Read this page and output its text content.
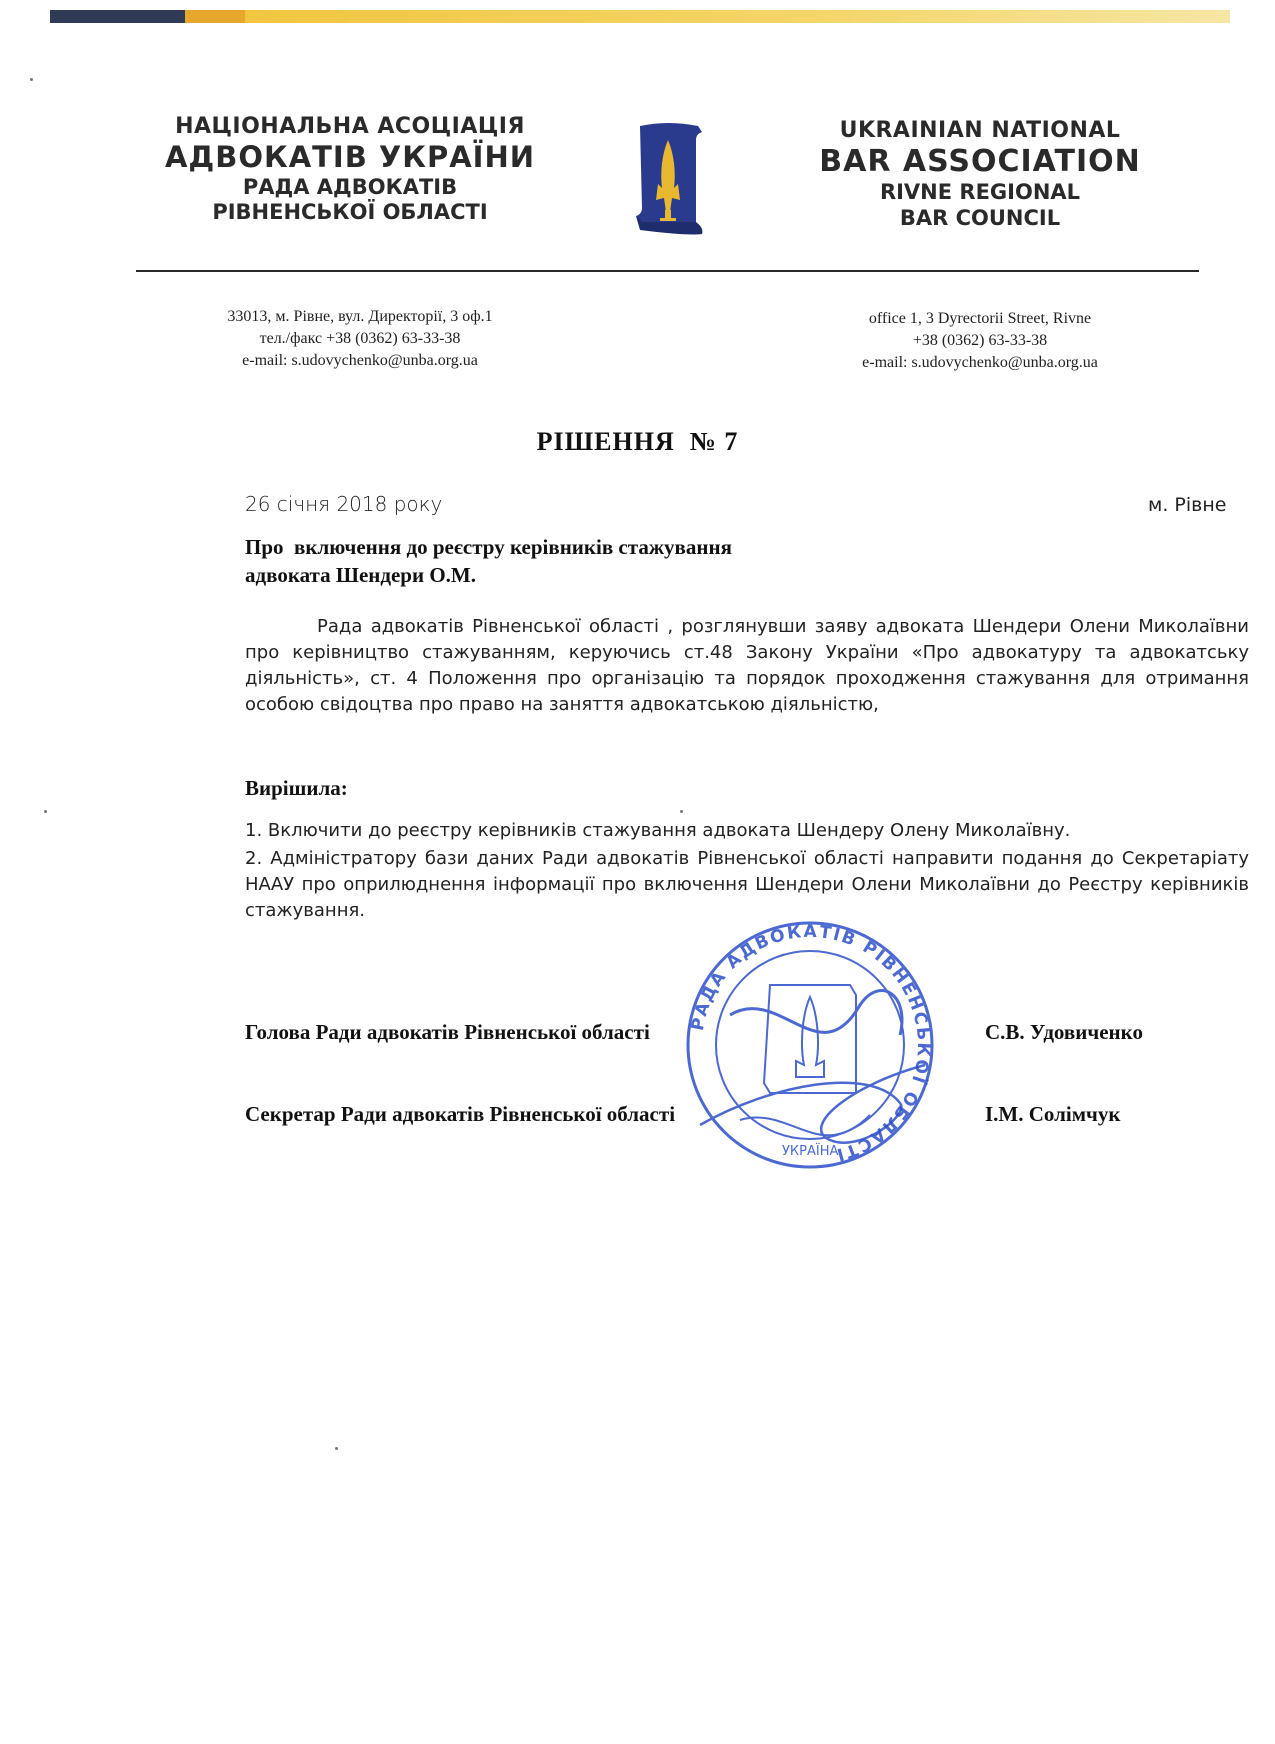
НАЦІОНАЛЬНА АСОЦІАЦІЯ
АДВОКАТІВ УКРАЇНИ
РАДА АДВОКАТІВ
РІВНЕНСЬКОЇ ОБЛАСТІ
UKRAINIAN NATIONAL
BAR ASSOCIATION
RIVNE REGIONAL
BAR COUNCIL
33013, м. Рівне, вул. Директорії, 3 оф.1
тел./факс +38 (0362) 63-33-38
e-mail: s.udovychenko@unba.org.ua
office 1, 3 Dyrectorii Street, Rivne
+38 (0362) 63-33-38
e-mail: s.udovychenko@unba.org.ua
РІШЕННЯ  № 7
26 січня 2018 року	м. Рівне
Про  включення до реєстру керівників стажування
адвоката Шендери О.М.
Рада адвокатів Рівненської області , розглянувши заяву адвоката Шендери Олени Миколаївни про керівництво стажуванням, керуючись ст.48 Закону України «Про адвокатуру та адвокатську діяльність», ст. 4 Положення про організацію та порядок проходження стажування для отримання особою свідоцтва про право на заняття адвокатською діяльністю,
Вирішила:
1. Включити до реєстру керівників стажування адвоката Шендеру Олену Миколаївну.
2. Адміністратору бази даних Ради адвокатів Рівненської області направити подання до Секретаріату НААУ про оприлюднення інформації про включення Шендери Олени Миколаївни до Реєстру керівників стажування.
РАДА АДВОКАТІВ РІВНЕНСЬКОЇ ОБЛАСТІ
УКРАЇНА
Голова Ради адвокатів Рівненської області	С.В. Удовиченко
Секретар Ради адвокатів Рівненської області	І.М. Солімчук
